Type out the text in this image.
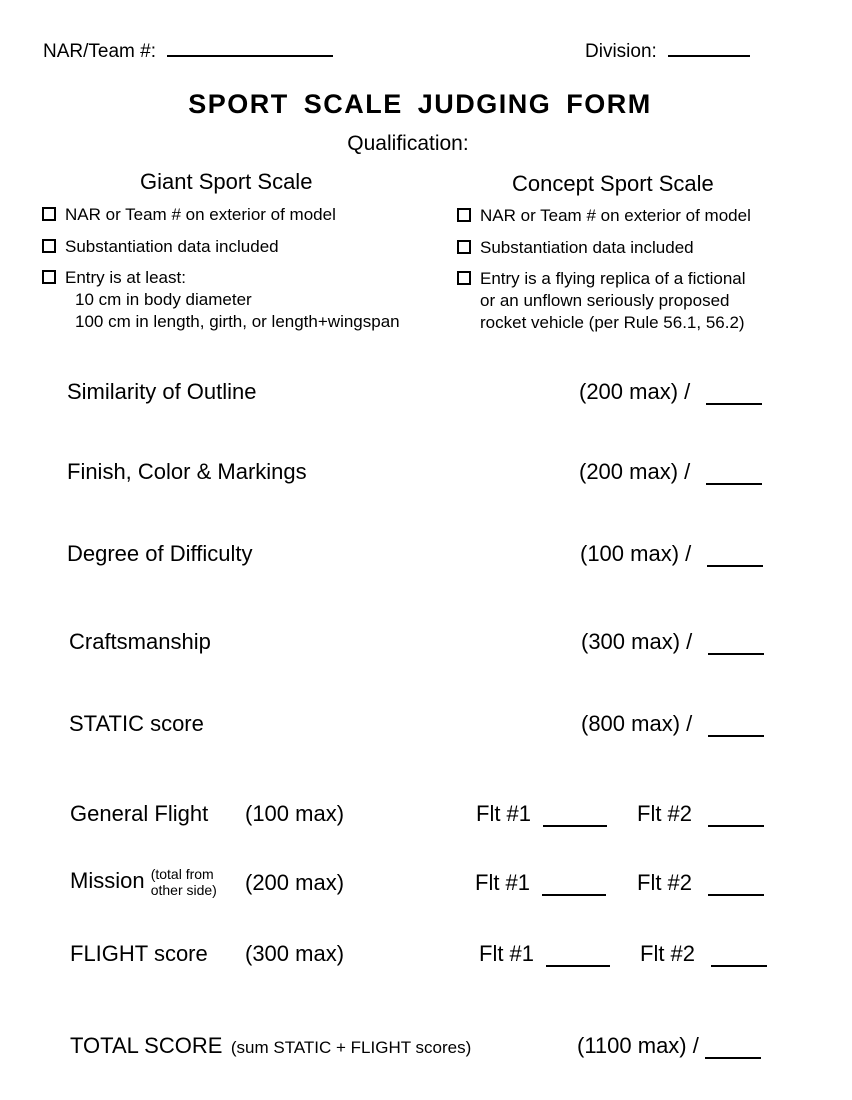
NAR/Team #:	Division:
SPORT SCALE JUDGING FORM
Qualification:
Giant Sport Scale
NAR or Team # on exterior of model
Substantiation data included
Entry is at least:
10 cm in body diameter
100 cm in length, girth, or length+wingspan
Concept Sport Scale
NAR or Team # on exterior of model
Substantiation data included
Entry is a flying replica of a fictional
or an unflown seriously proposed
rocket vehicle (per Rule 56.1, 56.2)
Similarity of Outline	(200 max) /
Finish, Color & Markings	(200 max) /
Degree of Difficulty	(100 max) /
Craftsmanship	(300 max) /
STATIC score	(800 max) /
General Flight (100 max)	Flt #1	Flt #2
Mission (total from
other side) (200 max)	Flt #1	Flt #2
FLIGHT score (300 max)	Flt #1	Flt #2
TOTAL SCORE (sum STATIC + FLIGHT scores)	(1100 max) /
